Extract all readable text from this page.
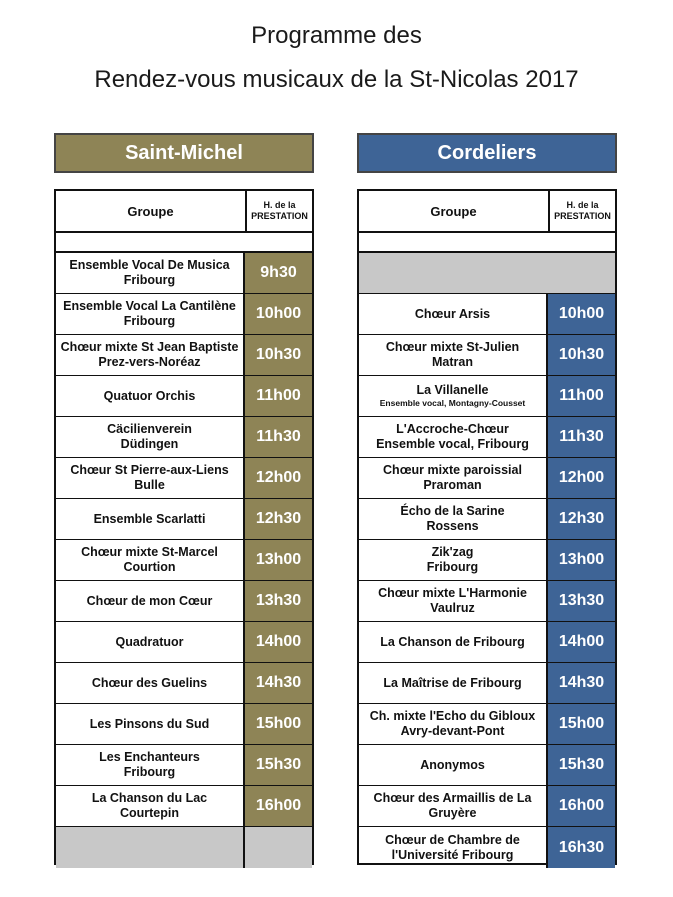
Programme des
Rendez-vous musicaux de la St-Nicolas 2017
Saint-Michel	Cordeliers
Groupe	H. de la
PRESTATION
Ensemble Vocal De Musica
Fribourg	9h30
Ensemble Vocal La Cantilène
Fribourg	10h00
Chœur mixte St Jean Baptiste
Prez-vers-Noréaz	10h30
Quatuor Orchis	11h00
Cäcilienverein
Düdingen	11h30
Chœur St Pierre-aux-Liens
Bulle	12h00
Ensemble Scarlatti	12h30
Chœur mixte St-Marcel
Courtion	13h00
Chœur de mon Cœur	13h30
Quadratuor	14h00
Chœur des Guelins	14h30
Les Pinsons du Sud	15h00
Les Enchanteurs
Fribourg	15h30
La Chanson du Lac
Courtepin	16h00
Groupe	H. de la
PRESTATION
Chœur Arsis	10h00
Chœur mixte St-Julien
Matran	10h30
La Villanelle
Ensemble vocal, Montagny-Cousset	11h00
L'Accroche-Chœur
Ensemble vocal, Fribourg	11h30
Chœur mixte paroissial
Praroman	12h00
Écho de la Sarine
Rossens	12h30
Zik'zag
Fribourg	13h00
Chœur mixte L'Harmonie
Vaulruz	13h30
La Chanson de Fribourg	14h00
La Maîtrise de Fribourg	14h30
Ch. mixte l'Echo du Gibloux
Avry-devant-Pont	15h00
Anonymos	15h30
Chœur des Armaillis de La
Gruyère	16h00
Chœur de Chambre de
l'Université Fribourg	16h30
